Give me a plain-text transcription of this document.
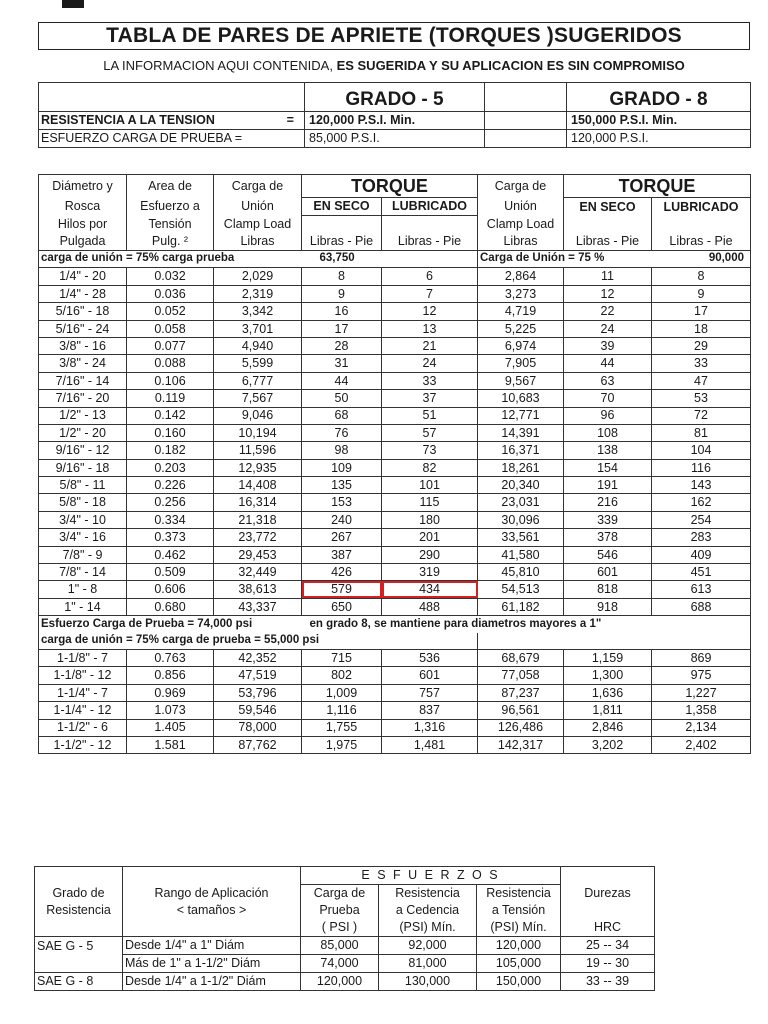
TABLA DE PARES DE APRIETE (TORQUES )SUGERIDOS
LA INFORMACION AQUI CONTENIDA, ES SUGERIDA Y SU APLICACION ES SIN COMPROMISO
		GRADO - 5		GRADO - 8
RESISTENCIA A LA TENSION	=	120,000 P.S.I. Min.		150,000 P.S.I. Min.
ESFUERZO CARGA DE PRUEBA =		85,000 P.S.I.		120,000 P.S.I.
Diámetro y	Area de	Carga de	TORQUE		Carga de	TORQUE	
Rosca	Esfuerzo a	Unión	EN SECO	LUBRICADO	Unión	EN SECO	LUBRICADO
Hilos por	Tensión	Clamp Load			Clamp Load		
Pulgada	Pulg. ²	Libras	Libras - Pie	Libras - Pie	Libras	Libras - Pie	Libras - Pie
carga de unión = 75% carga prueba			63,750		Carga de Unión = 75 %		90,000
1/4" - 20	0.032	2,029	8	6	2,864	11	8
1/4" - 28	0.036	2,319	9	7	3,273	12	9
5/16" - 18	0.052	3,342	16	12	4,719	22	17
5/16" - 24	0.058	3,701	17	13	5,225	24	18
3/8" - 16	0.077	4,940	28	21	6,974	39	29
3/8" - 24	0.088	5,599	31	24	7,905	44	33
7/16" - 14	0.106	6,777	44	33	9,567	63	47
7/16" - 20	0.119	7,567	50	37	10,683	70	53
1/2" - 13	0.142	9,046	68	51	12,771	96	72
1/2" - 20	0.160	10,194	76	57	14,391	108	81
9/16" - 12	0.182	11,596	98	73	16,371	138	104
9/16" - 18	0.203	12,935	109	82	18,261	154	116
5/8" - 11	0.226	14,408	135	101	20,340	191	143
5/8" - 18	0.256	16,314	153	115	23,031	216	162
3/4" - 10	0.334	21,318	240	180	30,096	339	254
3/4" - 16	0.373	23,772	267	201	33,561	378	283
7/8" - 9	0.462	29,453	387	290	41,580	546	409
7/8" - 14	0.509	32,449	426	319	45,810	601	451
1" - 8	0.606	38,613	579	434	54,513	818	613
1" - 14	0.680	43,337	650	488	61,182	918	688
Esfuerzo Carga de Prueba = 74,000 psi			en grado 8, se mantiene para diametros mayores a 1"				
carga de unión = 75% carga de prueba = 55,000 psi							
1-1/8" - 7	0.763	42,352	715	536	68,679	1,159	869
1-1/8" - 12	0.856	47,519	802	601	77,058	1,300	975
1-1/4" - 7	0.969	53,796	1,009	757	87,237	1,636	1,227
1-1/4" - 12	1.073	59,546	1,116	837	96,561	1,811	1,358
1-1/2" - 6	1.405	78,000	1,755	1,316	126,486	2,846	2,134
1-1/2" - 12	1.581	87,762	1,975	1,481	142,317	3,202	2,402
		E S F U E R Z O S			
Grado de	Rango de Aplicación	Carga de	Resistencia	Resistencia	Durezas
Resistencia	< tamaños >	Prueba	a Cedencia	a Tensión	
		( PSI )	(PSI) Mín.	(PSI) Mín.	HRC
SAE G - 5	Desde 1/4" a 1" Diám	85,000	92,000	120,000	25 -- 34
	Más de 1" a 1-1/2" Diám	74,000	81,000	105,000	19 -- 30
SAE G - 8	Desde 1/4" a 1-1/2" Diám	120,000	130,000	150,000	33 -- 39
